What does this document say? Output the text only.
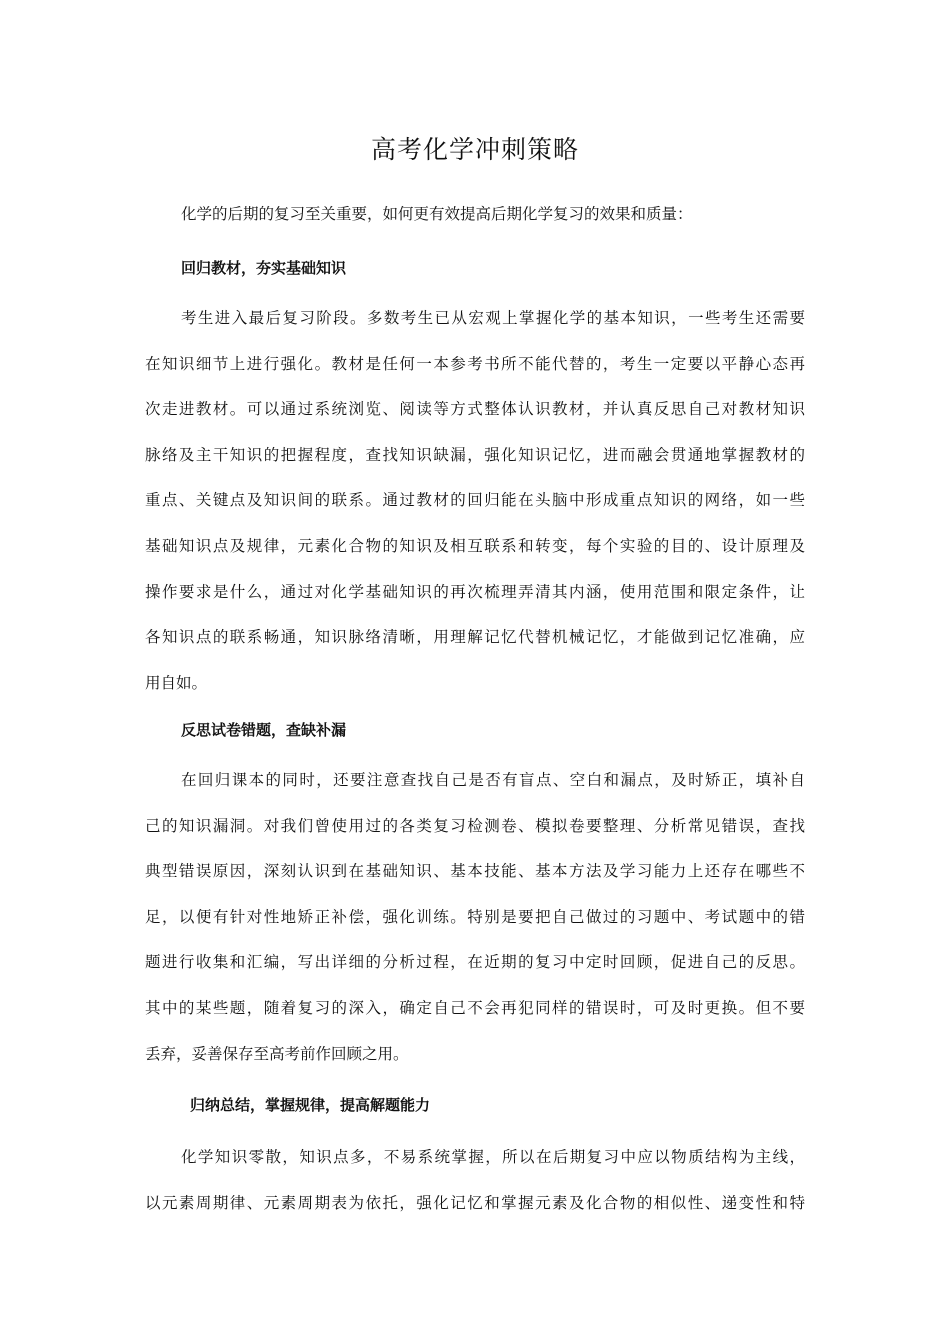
高考化学冲刺策略
化学的后期的复习至关重要，如何更有效提高后期化学复习的效果和质量：
回归教材，夯实基础知识
考生进入最后复习阶段。多数考生已从宏观上掌握化学的基本知识，一些考生还需要
在知识细节上进行强化。教材是任何一本参考书所不能代替的，考生一定要以平静心态再
次走进教材。可以通过系统浏览、阅读等方式整体认识教材，并认真反思自己对教材知识
脉络及主干知识的把握程度，查找知识缺漏，强化知识记忆，进而融会贯通地掌握教材的
重点、关键点及知识间的联系。通过教材的回归能在头脑中形成重点知识的网络，如一些
基础知识点及规律，元素化合物的知识及相互联系和转变，每个实验的目的、设计原理及
操作要求是什么，通过对化学基础知识的再次梳理弄清其内涵，使用范围和限定条件，让
各知识点的联系畅通，知识脉络清晰，用理解记忆代替机械记忆，才能做到记忆准确，应
用自如。
反思试卷错题，查缺补漏
在回归课本的同时，还要注意查找自己是否有盲点、空白和漏点，及时矫正，填补自
己的知识漏洞。对我们曾使用过的各类复习检测卷、模拟卷要整理、分析常见错误，查找
典型错误原因，深刻认识到在基础知识、基本技能、基本方法及学习能力上还存在哪些不
足，以便有针对性地矫正补偿，强化训练。特别是要把自己做过的习题中、考试题中的错
题进行收集和汇编，写出详细的分析过程，在近期的复习中定时回顾，促进自己的反思。
其中的某些题，随着复习的深入，确定自己不会再犯同样的错误时，可及时更换。但不要
丢弃，妥善保存至高考前作回顾之用。
归纳总结，掌握规律，提高解题能力
化学知识零散，知识点多，不易系统掌握，所以在后期复习中应以物质结构为主线，
以元素周期律、元素周期表为依托，强化记忆和掌握元素及化合物的相似性、递变性和特
